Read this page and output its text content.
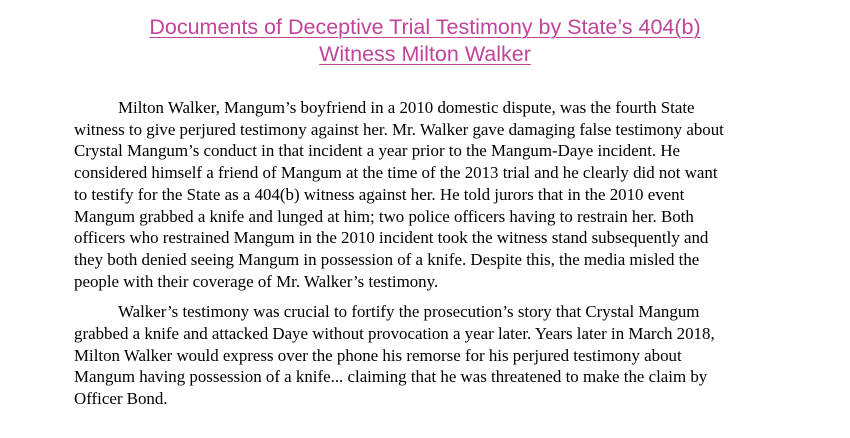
Documents of Deceptive Trial Testimony by State’s 404(b)
Witness Milton Walker

Milton Walker, Mangum’s boyfriend in a 2010 domestic dispute, was the fourth State
witness to give perjured testimony against her. Mr. Walker gave damaging false testimony about
Crystal Mangum’s conduct in that incident a year prior to the Mangum-Daye incident. He
considered himself a friend of Mangum at the time of the 2013 trial and he clearly did not want
to testify for the State as a 404(b) witness against her. He told jurors that in the 2010 event
Mangum grabbed a knife and lunged at him; two police officers having to restrain her. Both
officers who restrained Mangum in the 2010 incident took the witness stand subsequently and
they both denied seeing Mangum in possession of a knife. Despite this, the media misled the
people with their coverage of Mr. Walker’s testimony.

Walker’s testimony was crucial to fortify the prosecution’s story that Crystal Mangum
grabbed a knife and attacked Daye without provocation a year later. Years later in March 2018,
Milton Walker would express over the phone his remorse for his perjured testimony about
Mangum having possession of a knife... claiming that he was threatened to make the claim by
Officer Bond.
